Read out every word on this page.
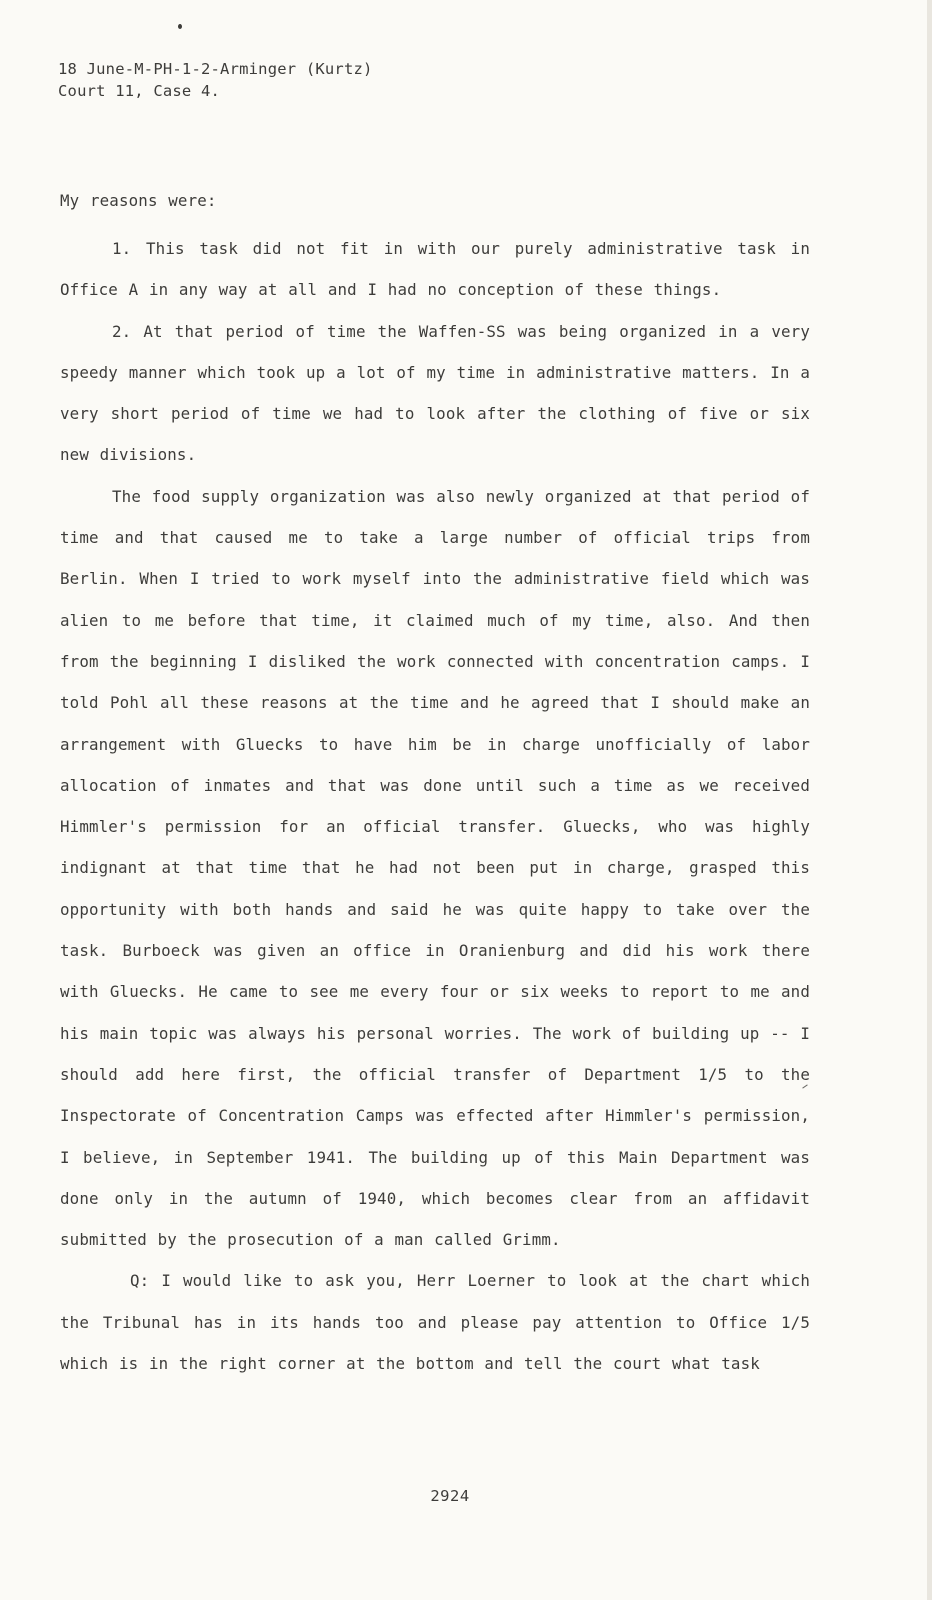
18 June-M-PH-1-2-Arminger (Kurtz)
Court 11, Case 4.

My reasons were:

1. This task did not fit in with our purely administrative task in Office A in any way at all and I had no conception of these things.

2. At that period of time the Waffen-SS was being organized in a very speedy manner which took up a lot of my time in administrative matters. In a very short period of time we had to look after the clothing of five or six new divisions.

The food supply organization was also newly organized at that period of time and that caused me to take a large number of official trips from Berlin. When I tried to work myself into the administrative field which was alien to me before that time, it claimed much of my time, also. And then from the beginning I disliked the work connected with concentration camps. I told Pohl all these reasons at the time and he agreed that I should make an arrangement with Gluecks to have him be in charge unofficially of labor allocation of inmates and that was done until such a time as we received Himmler's permission for an official transfer. Gluecks, who was highly indignant at that time that he had not been put in charge, grasped this opportunity with both hands and said he was quite happy to take over the task. Burboeck was given an office in Oranienburg and did his work there with Gluecks. He came to see me every four or six weeks to report to me and his main topic was always his personal worries. The work of building up -- I should add here first, the official transfer of Department 1/5 to the Inspectorate of Concentration Camps was effected after Himmler's permission, I believe, in September 1941. The building up of this Main Department was done only in the autumn of 1940, which becomes clear from an affidavit submitted by the prosecution of a man called Grimm.

Q: I would like to ask you, Herr Loerner to look at the chart which the Tribunal has in its hands too and please pay attention to Office 1/5 which is in the right corner at the bottom and tell the court what task

2924
